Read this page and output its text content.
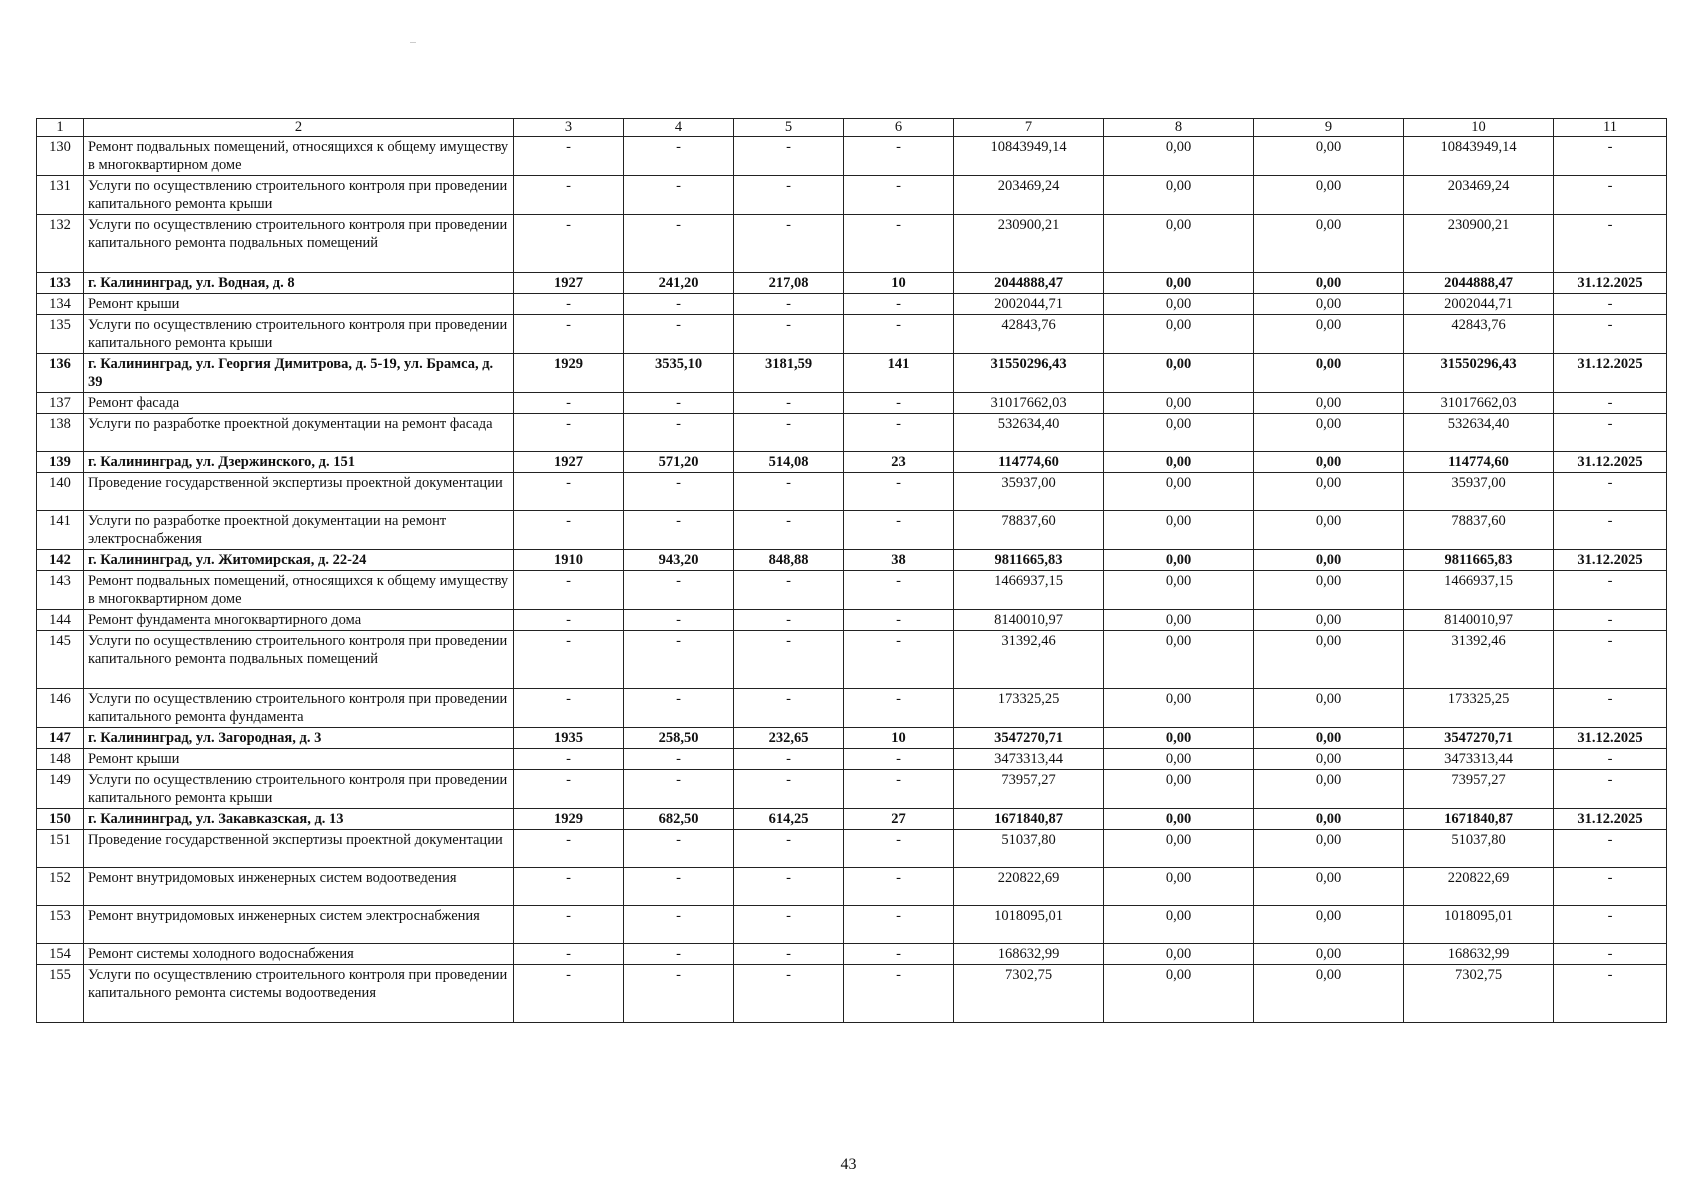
1	2	3	4	5	6	7	8	9	10	11
130	Ремонт подвальных помещений, относящихся к общему имуществу в многоквартирном доме	-	-	-	-	10843949,14	0,00	0,00	10843949,14	-
131	Услуги по осуществлению строительного контроля при проведении капитального ремонта крыши	-	-	-	-	203469,24	0,00	0,00	203469,24	-
132	Услуги по осуществлению строительного контроля при проведении капитального ремонта подвальных помещений	-	-	-	-	230900,21	0,00	0,00	230900,21	-
133	г. Калининград, ул. Водная, д. 8	1927	241,20	217,08	10	2044888,47	0,00	0,00	2044888,47	31.12.2025
134	Ремонт крыши	-	-	-	-	2002044,71	0,00	0,00	2002044,71	-
135	Услуги по осуществлению строительного контроля при проведении капитального ремонта крыши	-	-	-	-	42843,76	0,00	0,00	42843,76	-
136	г. Калининград, ул. Георгия Димитрова, д. 5-19, ул. Брамса, д. 39	1929	3535,10	3181,59	141	31550296,43	0,00	0,00	31550296,43	31.12.2025
137	Ремонт фасада	-	-	-	-	31017662,03	0,00	0,00	31017662,03	-
138	Услуги по разработке проектной документации на ремонт фасада	-	-	-	-	532634,40	0,00	0,00	532634,40	-
139	г. Калининград, ул. Дзержинского, д. 151	1927	571,20	514,08	23	114774,60	0,00	0,00	114774,60	31.12.2025
140	Проведение государственной экспертизы проектной документации	-	-	-	-	35937,00	0,00	0,00	35937,00	-
141	Услуги по разработке проектной документации на ремонт электроснабжения	-	-	-	-	78837,60	0,00	0,00	78837,60	-
142	г. Калининград, ул. Житомирская, д. 22-24	1910	943,20	848,88	38	9811665,83	0,00	0,00	9811665,83	31.12.2025
143	Ремонт подвальных помещений, относящихся к общему имуществу в многоквартирном доме	-	-	-	-	1466937,15	0,00	0,00	1466937,15	-
144	Ремонт фундамента многоквартирного дома	-	-	-	-	8140010,97	0,00	0,00	8140010,97	-
145	Услуги по осуществлению строительного контроля при проведении капитального ремонта подвальных помещений	-	-	-	-	31392,46	0,00	0,00	31392,46	-
146	Услуги по осуществлению строительного контроля при проведении капитального ремонта фундамента	-	-	-	-	173325,25	0,00	0,00	173325,25	-
147	г. Калининград, ул. Загородная, д. 3	1935	258,50	232,65	10	3547270,71	0,00	0,00	3547270,71	31.12.2025
148	Ремонт крыши	-	-	-	-	3473313,44	0,00	0,00	3473313,44	-
149	Услуги по осуществлению строительного контроля при проведении капитального ремонта крыши	-	-	-	-	73957,27	0,00	0,00	73957,27	-
150	г. Калининград, ул. Закавказская, д. 13	1929	682,50	614,25	27	1671840,87	0,00	0,00	1671840,87	31.12.2025
151	Проведение государственной экспертизы проектной документации	-	-	-	-	51037,80	0,00	0,00	51037,80	-
152	Ремонт внутридомовых инженерных систем водоотведения	-	-	-	-	220822,69	0,00	0,00	220822,69	-
153	Ремонт внутридомовых инженерных систем электроснабжения	-	-	-	-	1018095,01	0,00	0,00	1018095,01	-
154	Ремонт системы холодного водоснабжения	-	-	-	-	168632,99	0,00	0,00	168632,99	-
155	Услуги по осуществлению строительного контроля при проведении капитального ремонта системы водоотведения	-	-	-	-	7302,75	0,00	0,00	7302,75	-
43
